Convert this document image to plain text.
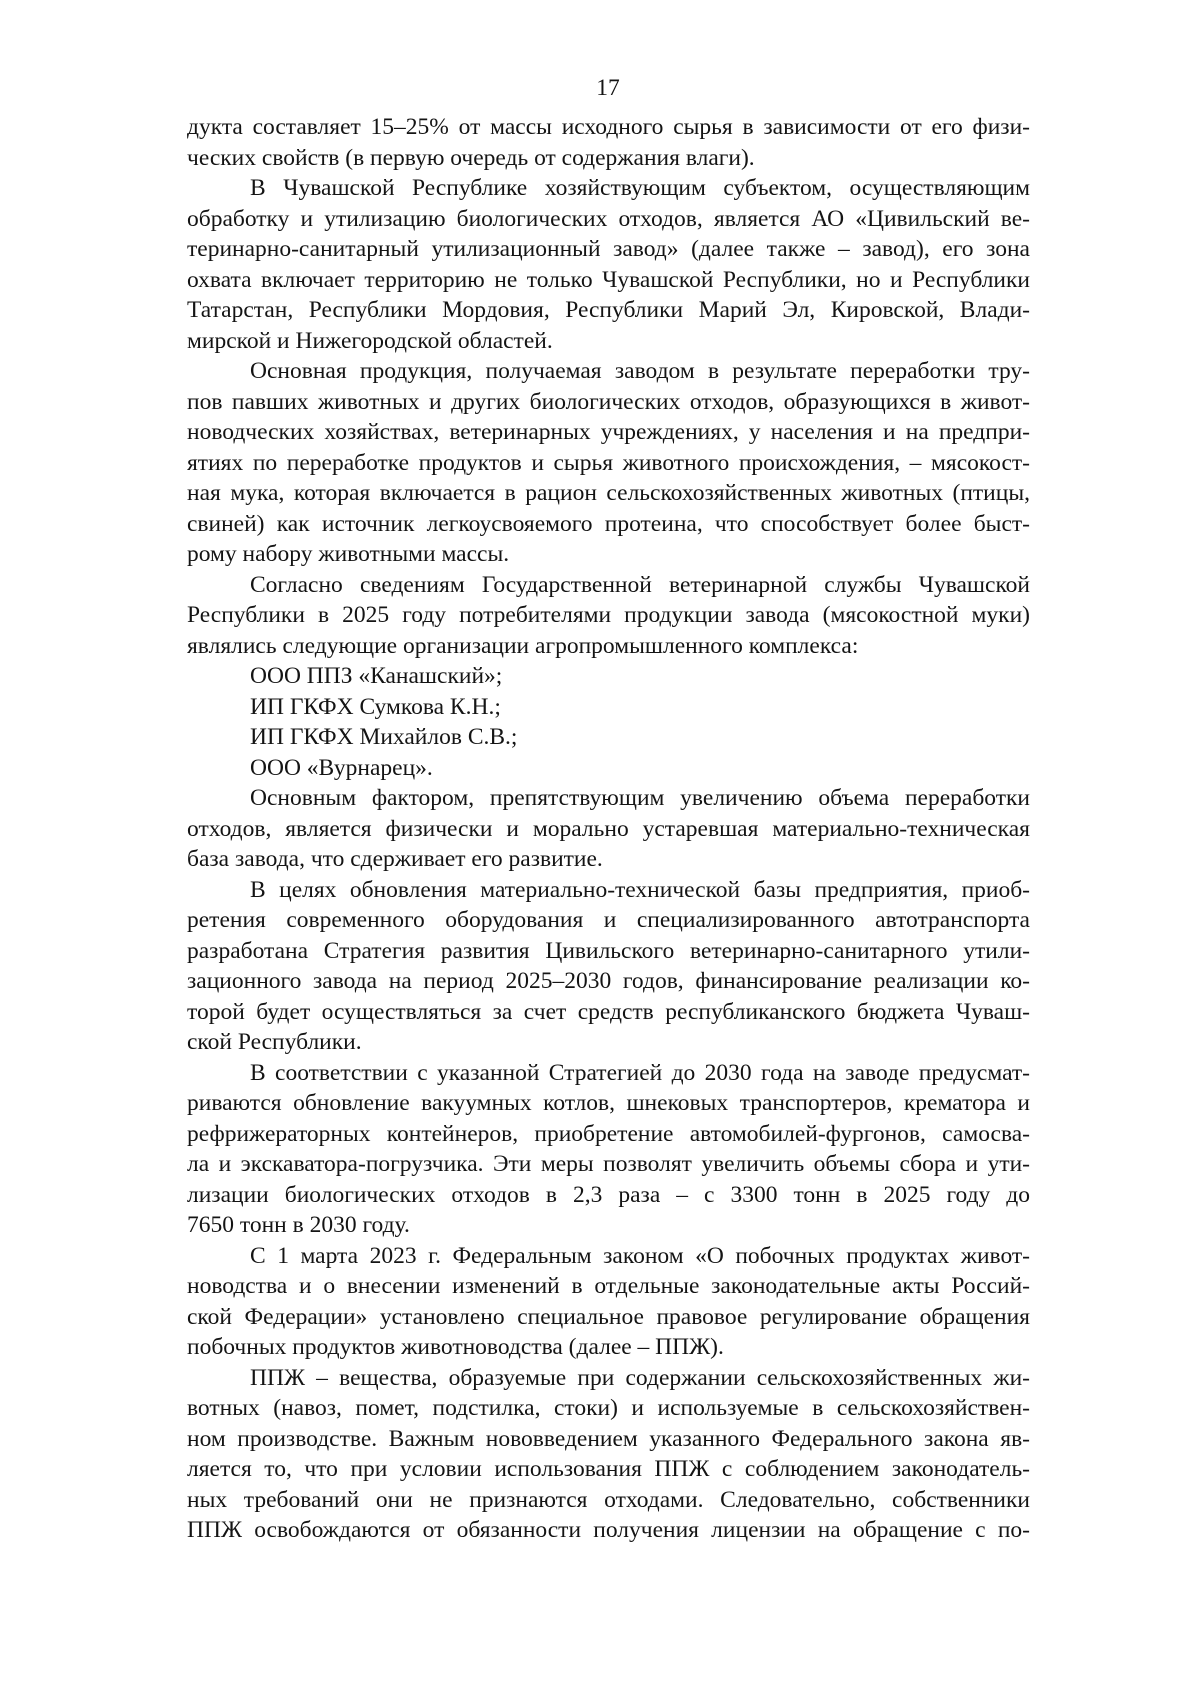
17
дукта составляет 15–25% от массы исходного сырья в зависимости от его физи-
ческих свойств (в первую очередь от содержания влаги).
В Чувашской Республике хозяйствующим субъектом, осуществляющим
обработку и утилизацию биологических отходов, является АО «Цивильский ве-
теринарно-санитарный утилизационный завод» (далее также – завод), его зона
охвата включает территорию не только Чувашской Республики, но и Республики
Татарстан, Республики Мордовия, Республики Марий Эл, Кировской, Влади-
мирской и Нижегородской областей.
Основная продукция, получаемая заводом в результате переработки тру-
пов павших животных и других биологических отходов, образующихся в живот-
новодческих хозяйствах, ветеринарных учреждениях, у населения и на предпри-
ятиях по переработке продуктов и сырья животного происхождения, – мясокост-
ная мука, которая включается в рацион сельскохозяйственных животных (птицы,
свиней) как источник легкоусвояемого протеина, что способствует более быст-
рому набору животными массы.
Согласно сведениям Государственной ветеринарной службы Чувашской
Республики в 2025 году потребителями продукции завода (мясокостной муки)
являлись следующие организации агропромышленного комплекса:
ООО ППЗ «Канашский»;
ИП ГКФХ Сумкова К.Н.;
ИП ГКФХ Михайлов С.В.;
ООО «Вурнарец».
Основным фактором, препятствующим увеличению объема переработки
отходов, является физически и морально устаревшая материально-техническая
база завода, что сдерживает его развитие.
В целях обновления материально-технической базы предприятия, приоб-
ретения современного оборудования и специализированного автотранспорта
разработана Стратегия развития Цивильского ветеринарно-санитарного утили-
зационного завода на период 2025–2030 годов, финансирование реализации ко-
торой будет осуществляться за счет средств республиканского бюджета Чуваш-
ской Республики.
В соответствии с указанной Стратегией до 2030 года на заводе предусмат-
риваются обновление вакуумных котлов, шнековых транспортеров, крематора и
рефрижераторных контейнеров, приобретение автомобилей-фургонов, самосва-
ла и экскаватора-погрузчика. Эти меры позволят увеличить объемы сбора и ути-
лизации биологических отходов в 2,3 раза – с 3300 тонн в 2025 году до
7650 тонн в 2030 году.
С 1 марта 2023 г. Федеральным законом «О побочных продуктах живот-
новодства и о внесении изменений в отдельные законодательные акты Россий-
ской Федерации» установлено специальное правовое регулирование обращения
побочных продуктов животноводства (далее – ППЖ).
ППЖ – вещества, образуемые при содержании сельскохозяйственных жи-
вотных (навоз, помет, подстилка, стоки) и используемые в сельскохозяйствен-
ном производстве. Важным нововведением указанного Федерального закона яв-
ляется то, что при условии использования ППЖ с соблюдением законодатель-
ных требований они не признаются отходами. Следовательно, собственники
ППЖ освобождаются от обязанности получения лицензии на обращение с по-
